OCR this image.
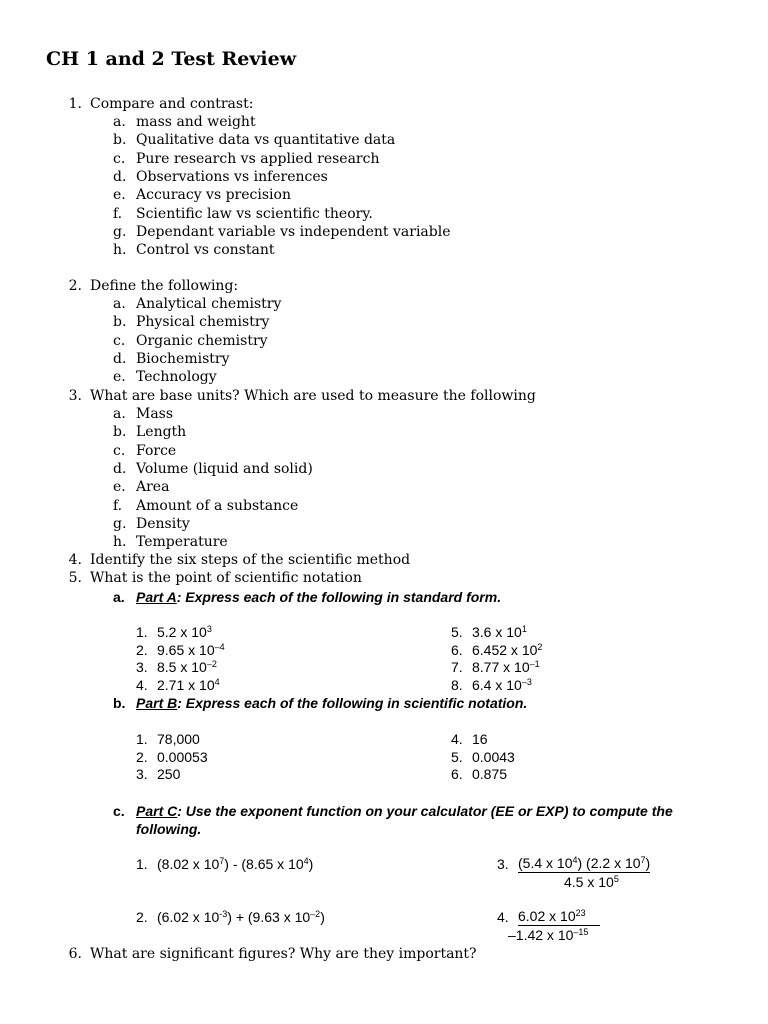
CH 1 and 2 Test Review
1. Compare and contrast:
a. mass and weight
b. Qualitative data vs quantitative data
c. Pure research vs applied research
d. Observations vs inferences
e. Accuracy vs precision
f. Scientific law vs scientific theory.
g. Dependant variable vs independent variable
h. Control vs constant
2. Define the following:
a. Analytical chemistry
b. Physical chemistry
c. Organic chemistry
d. Biochemistry
e. Technology
3. What are base units? Which are used to measure the following
a. Mass
b. Length
c. Force
d. Volume (liquid and solid)
e. Area
f. Amount of a substance
g. Density
h. Temperature
4. Identify the six steps of the scientific method
5. What is the point of scientific notation
a. Part A: Express each of the following in standard form.
1. 5.2 x $10^3$
2. 9.65 x $10^{-4}$
3. 8.5 x $10^{-2}$
4. 2.71 x $10^4$
5. 3.6 x $10^1$
6. 6.452 x $10^2$
7. 8.77 x $10^{-1}$
8. 6.4 x $10^{-3}$
b. Part B: Express each of the following in scientific notation.
1. 78,000
2. 0.00053
3. 250
4. 16
5. 0.0043
6. 0.875
c. Part C: Use the exponent function on your calculator (EE or EXP) to compute the
following.
1. (8.02 x $10^7) - (8.65$ x $10^4$)	3. (5.4 x $10^4$) (2.2 x $10^7$)
4.5 x $10^5$
2. (6.02 x $10^{-3}) + (9.63$ x $10^{-2}$)	4. 6.02 x $10^{23}$
–1.42 x $10^{-15}$
6. What are significant figures? Why are they important?
